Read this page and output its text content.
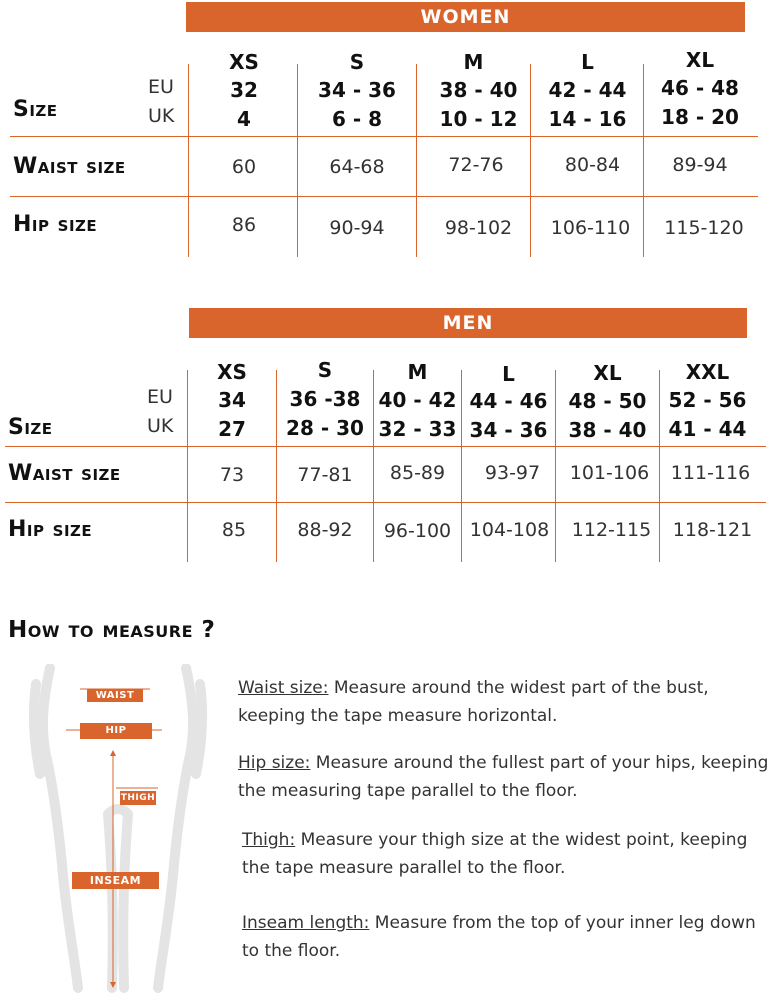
WOMEN
Size
EU
UK
Waist size
Hip size
XS
32
4
60
86
S
34 - 36
6 - 8
64-68
90-94
M
38 - 40
10 - 12
72-76
98-102
L
42 - 44
14 - 16
80-84
106-110
XL
46 - 48
18 - 20
89-94
115-120
MEN
Size
EU
UK
Waist size
Hip size
XS
34
27
73
85
S
36 -38
28 - 30
77-81
88-92
M
40 - 42
32 - 33
85-89
96-100
L
44 - 46
34 - 36
93-97
104-108
XL
48 - 50
38 - 40
101-106
112-115
XXL
52 - 56
41 - 44
111-116
118-121
How to measure ?
WAIST
HIP
THIGH
INSEAM
Waist size: Measure around the widest part of the bust,
keeping the tape measure horizontal.
Hip size: Measure around the fullest part of your hips, keeping
the measuring tape parallel to the floor.
Thigh: Measure your thigh size at the widest point, keeping
the tape measure parallel to the floor.
Inseam length: Measure from the top of your inner leg down
to the floor.
